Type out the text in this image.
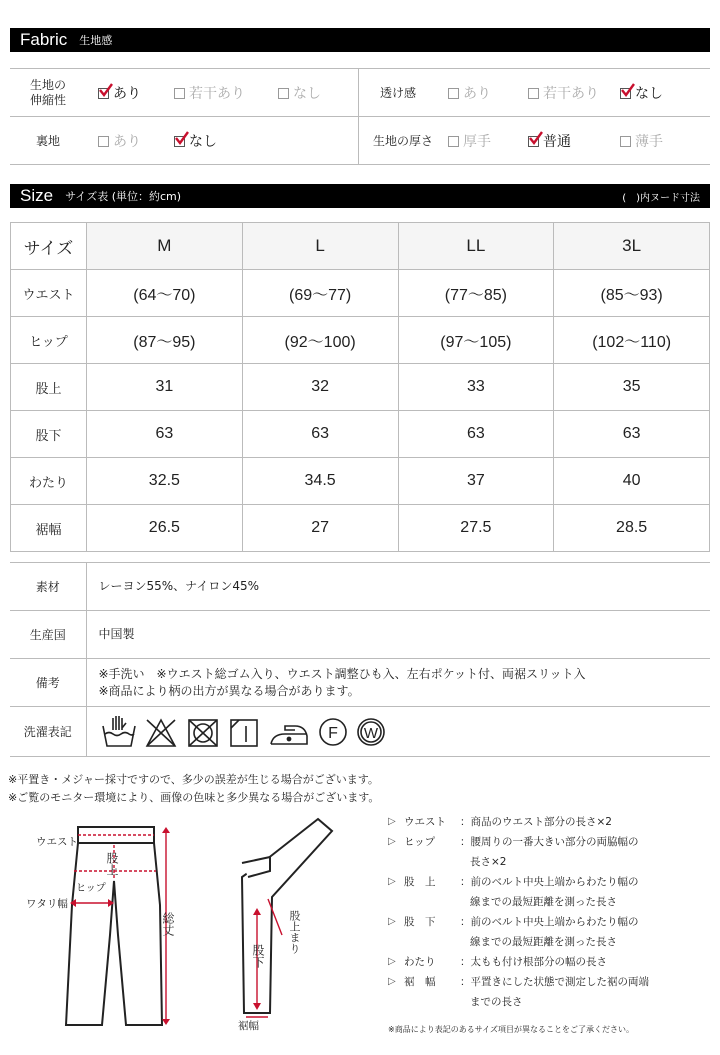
Fabric 生地感
生地の
伸縮性	あり	若干あり	なし	透け感	あり	若干あり	なし
裏地	あり	なし	生地の厚さ 厚手	普通	薄手
Size サイズ表 (単位：約cm)	(　)内ヌード寸法
サイズ	M	L	LL	3L
ウエスト	(64〜70)	(69〜77)	(77〜85)	(85〜93)
ヒップ	(87〜95)	(92〜100)	(97〜105)	(102〜110)
股上	31	32	33	35
股下	63	63	63	63
わたり	32.5	34.5	37	40
裾幅	26.5	27	27.5	28.5
素材	レーヨン55%、ナイロン45%
生産国	中国製
備考	※手洗い　※ウエスト総ゴム入り、ウエスト調整ひも入、左右ポケット付、両裾スリット入
※商品により柄の出方が異なる場合があります。

洗濯表記	F W
※平置き・メジャー採寸ですので、多少の誤差が生じる場合がございます。
※ご覧のモニター環境により、画像の色味と多少異なる場合がございます。
ウエスト
股上
ヒップ
ワタリ幅
総丈
股下
股上まり
裾幅
▷ ウエスト	：商品のウエスト部分の長さ×2
▷ ヒップ	：腰周りの一番大きい部分の両脇幅の
長さ×2
▷ 股　上	：前のベルト中央上端からわたり幅の
線までの最短距離を測った長さ
▷ 股　下	：前のベルト中央上端からわたり幅の
線までの最短距離を測った長さ
▷ わたり	：太もも付け根部分の幅の長さ
▷ 裾　幅	：平置きにした状態で測定した裾の両端
までの長さ
※商品により表記のあるサイズ項目が異なることをご了承ください。
